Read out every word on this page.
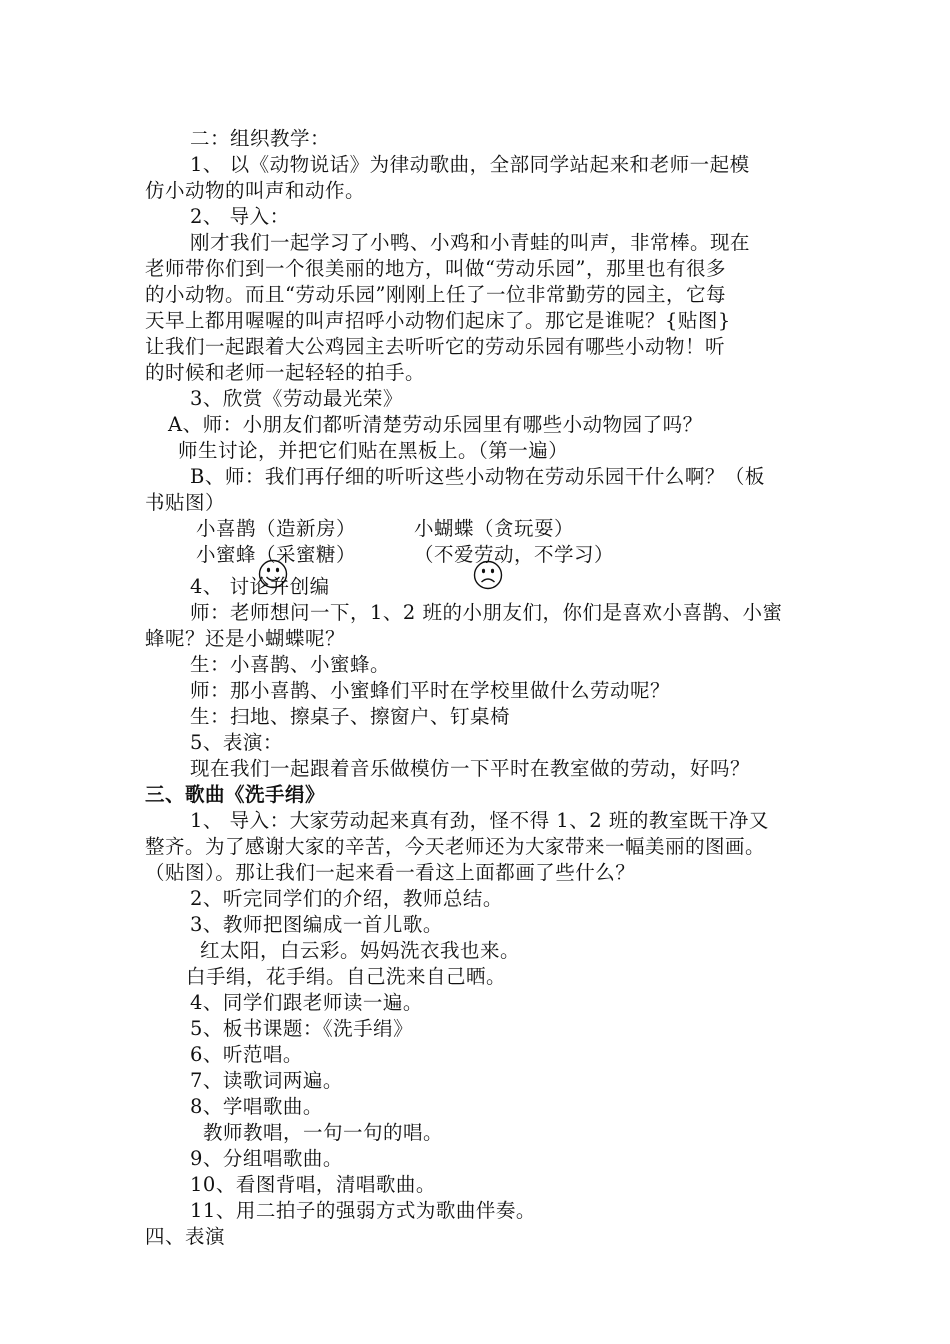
二：组织教学：
1、 以《动物说话》为律动歌曲，全部同学站起来和老师一起模
仿小动物的叫声和动作。
2、 导入：
刚才我们一起学习了小鸭、小鸡和小青蛙的叫声，非常棒。现在
老师带你们到一个很美丽的地方，叫做“劳动乐园”，那里也有很多
的小动物。而且“劳动乐园”刚刚上任了一位非常勤劳的园主，它每
天早上都用喔喔的叫声招呼小动物们起床了。那它是谁呢？{贴图}
让我们一起跟着大公鸡园主去听听它的劳动乐园有哪些小动物！听
的时候和老师一起轻轻的拍手。
3、欣赏《劳动最光荣》
A、师：小朋友们都听清楚劳动乐园里有哪些小动物园了吗？
师生讨论，并把它们贴在黑板上。（第一遍）
B、师：我们再仔细的听听这些小动物在劳动乐园干什么啊？（板
书贴图）
小喜鹊（造新房）	小蝴蝶（贪玩耍）
小蜜蜂（采蜜糖）	（不爱劳动，不学习）
4、 讨论并创编
师：老师想问一下，1、2 班的小朋友们，你们是喜欢小喜鹊、小蜜
蜂呢？还是小蝴蝶呢？
生：小喜鹊、小蜜蜂。
师：那小喜鹊、小蜜蜂们平时在学校里做什么劳动呢？
生：扫地、擦桌子、擦窗户、钉桌椅
5、表演：
现在我们一起跟着音乐做模仿一下平时在教室做的劳动，好吗？
三、歌曲《洗手绢》
1、 导入：大家劳动起来真有劲，怪不得 1、2 班的教室既干净又
整齐。为了感谢大家的辛苦，今天老师还为大家带来一幅美丽的图画。
（贴图）。那让我们一起来看一看这上面都画了些什么？
2、听完同学们的介绍，教师总结。
3、教师把图编成一首儿歌。
红太阳，白云彩。妈妈洗衣我也来。
白手绢，花手绢。自己洗来自己晒。
4、同学们跟老师读一遍。
5、板书课题：《洗手绢》
6、听范唱。
7、读歌词两遍。
8、学唱歌曲。
教师教唱，一句一句的唱。
9、分组唱歌曲。
10、看图背唱，清唱歌曲。
11、用二拍子的强弱方式为歌曲伴奏。
四、表演
